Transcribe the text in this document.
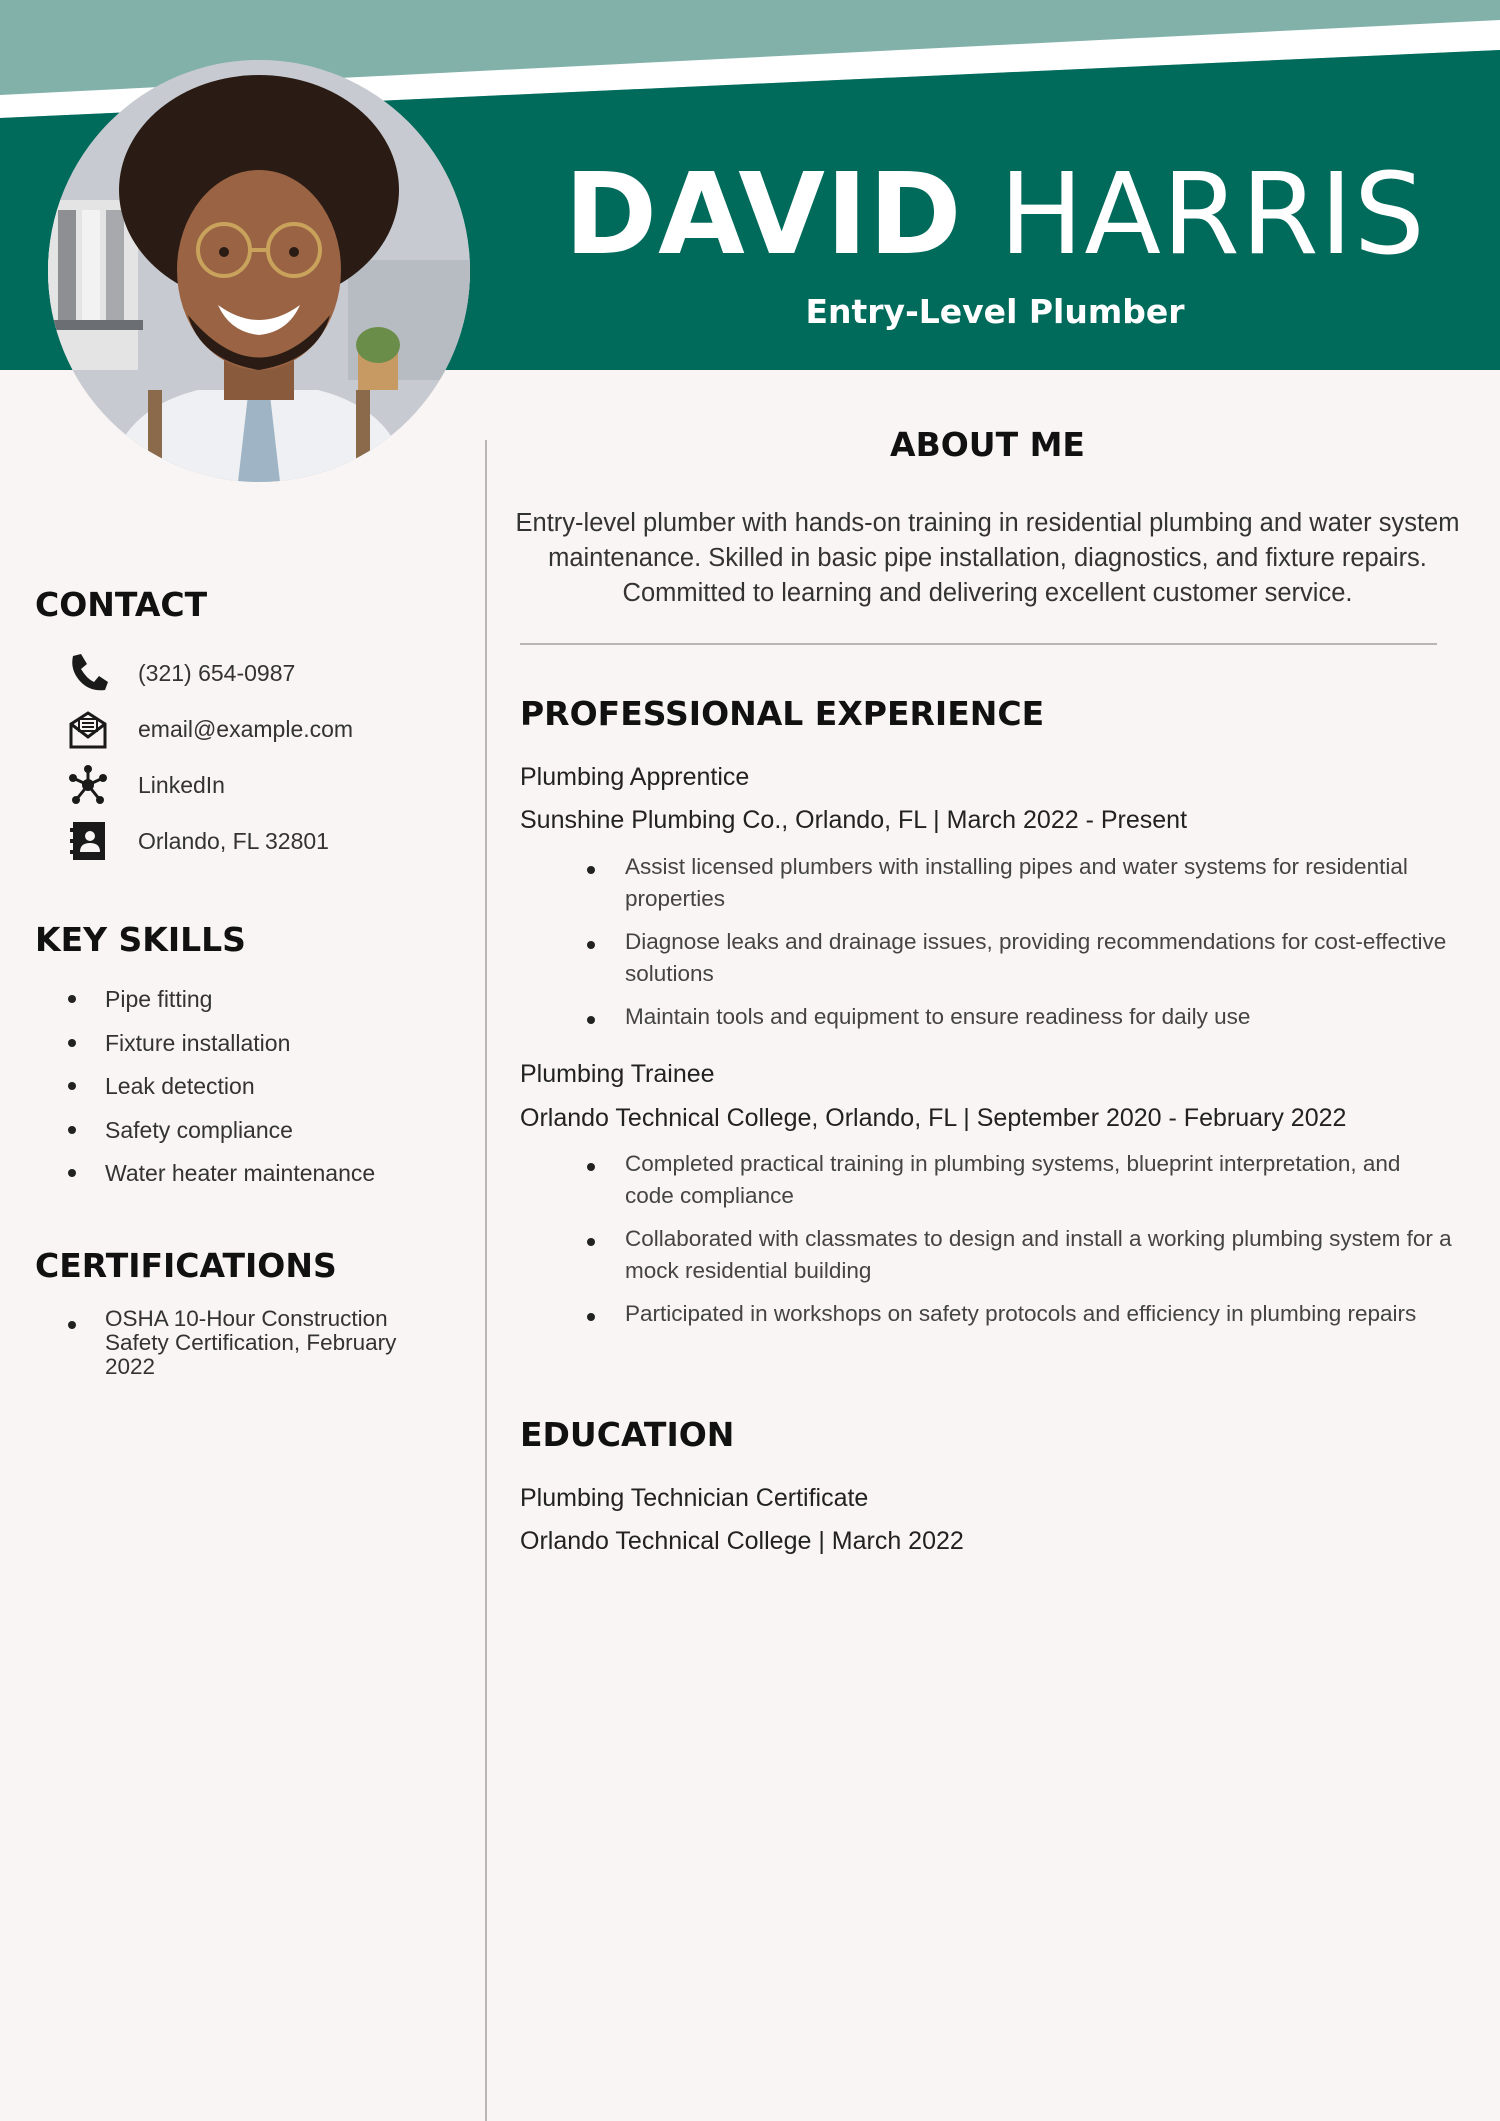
DAVID HARRIS
Entry-Level Plumber
CONTACT
(321) 654-0987
email@example.com
LinkedIn
Orlando, FL 32801
KEY SKILLS
Pipe fitting
Fixture installation
Leak detection
Safety compliance
Water heater maintenance
CERTIFICATIONS
OSHA 10-Hour Construction Safety Certification, February 2022
ABOUT ME

Entry-level plumber with hands-on training in residential plumbing and water system maintenance. Skilled in basic pipe installation, diagnostics, and fixture repairs. Committed to learning and delivering excellent customer service.

PROFESSIONAL EXPERIENCE
Plumbing Apprentice
Sunshine Plumbing Co., Orlando, FL | March 2022 - Present
Assist licensed plumbers with installing pipes and water systems for residential properties
Diagnose leaks and drainage issues, providing recommendations for cost-effective solutions
Maintain tools and equipment to ensure readiness for daily use
Plumbing Trainee
Orlando Technical College, Orlando, FL | September 2020 - February 2022
Completed practical training in plumbing systems, blueprint interpretation, and code compliance
Collaborated with classmates to design and install a working plumbing system for a mock residential building
Participated in workshops on safety protocols and efficiency in plumbing repairs
EDUCATION
Plumbing Technician Certificate
Orlando Technical College | March 2022
